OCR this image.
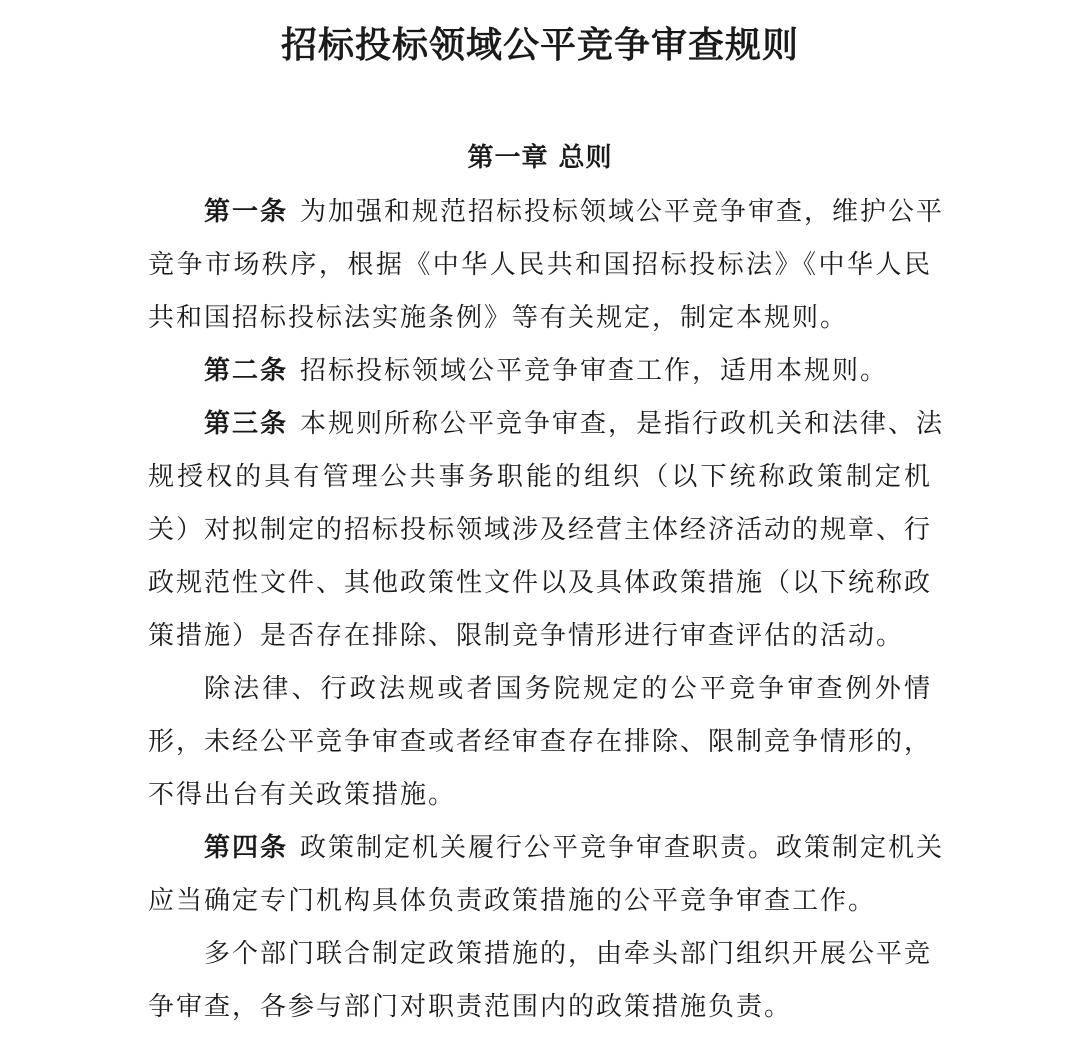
招标投标领域公平竞争审查规则
第一章 总则
第一条 为加强和规范招标投标领域公平竞争审查，维护公平
竞争市场秩序，根据《中华人民共和国招标投标法》《中华人民
共和国招标投标法实施条例》等有关规定，制定本规则。
第二条 招标投标领域公平竞争审查工作，适用本规则。
第三条 本规则所称公平竞争审查，是指行政机关和法律、法
规授权的具有管理公共事务职能的组织（以下统称政策制定机
关）对拟制定的招标投标领域涉及经营主体经济活动的规章、行
政规范性文件、其他政策性文件以及具体政策措施（以下统称政
策措施）是否存在排除、限制竞争情形进行审查评估的活动。
除法律、行政法规或者国务院规定的公平竞争审查例外情
形，未经公平竞争审查或者经审查存在排除、限制竞争情形的，
不得出台有关政策措施。
第四条 政策制定机关履行公平竞争审查职责。政策制定机关
应当确定专门机构具体负责政策措施的公平竞争审查工作。
多个部门联合制定政策措施的，由牵头部门组织开展公平竞
争审查，各参与部门对职责范围内的政策措施负责。
